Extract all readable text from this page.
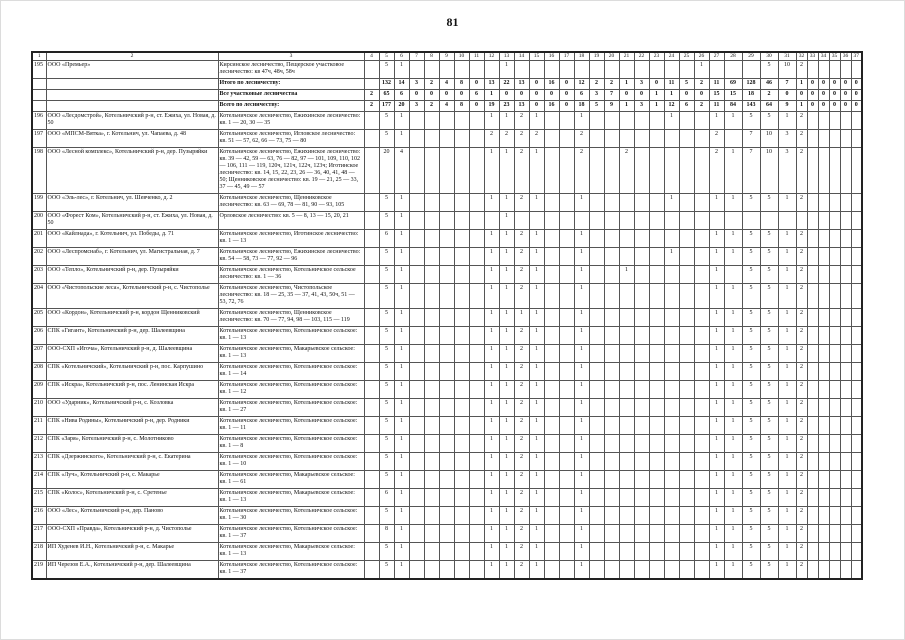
81
1	2	3	4	5	6	7	8	9	10	11	12	13	14	15	16	17	18	19	20	21	22	23	24	25	26	27	28	29	30	31	32	33	34	35	36	37
195	ООО «Премьер»	Кирсинское лесничество, Пещерское участковое лесничество: кв 47ч, 48ч, 58ч		5	1							1													1				5	10	2					
		Итого по лесничеству:		132	14	3	2	4	8	0	13	22	13	0	16	0	12	2	2	1	3	0	11	5	2	11	69	128	46	7	1	0	0	0	0	0
		Все участковые лесничества	2	65	6	0	0	0	0	6	1	0	0	0	0	0	6	3	7	0	0	1	1	0	0	15	15	18	2	0	0	0	0	0	0	0
		Всего по лесничеству:	2	177	20	3	2	4	8	0	19	23	13	0	16	0	18	5	9	1	3	1	12	6	2	11	84	143	64	9	1	0	0	0	0	0
196	ООО «Лесдомстрой», Котельничский р-н, ст. Ежиха, ул. Новая, д. 50	Котельничское лесничество, Ежихинское лесничество: кв. 1 — 20, 30 — 35		5	1						1	1	2	1			1						1			1	1	5	5	1	2					
197	ООО «МПСМ-Вятка», г. Котельнич, ул. Чапаева, д. 48	Котельничское лесничество, Игловское лесничество: кв. 51 — 57, 62, 66 — 73, 75 — 80		5	1						2	2	2	2			2									2		7	10	3	2					
198	ООО «Лесной комплекс», Котельничский р-н, дер. Пузыряйки	Котельничское лесничество, Ежихинское лесничество: кв. 39 — 42, 59 — 63, 76 — 82, 97 — 101, 109, 110, 102 — 106, 111 — 119, 120ч, 121ч, 122ч, 123ч; Иготинское лесничество: кв. 14, 15, 22, 23, 26 — 36, 40, 41, 48 — 50; Щенниковское лесничество: кв. 19 — 21, 25 — 33, 37 — 45, 49 — 57		20	4						1	1	2	1			2			2						2	1	7	10	3	2					
199	ООО «Эль-лес», г. Котельнич, ул. Шевченко, д. 2	Котельничское лесничество, Щенниковское лесничество: кв. 63 — 69, 78 — 81, 90 — 93, 105		5	1						1	1	2	1			1						1			1	1	5	5	1	2					
200	ООО «Форест Ком», Котельничский р-н, ст. Ежиха, ул. Новая, д. 50	Орловское лесничество: кв. 5 — 8, 13 — 15, 20, 21		5	1							1																								
201	ООО «Кайлнада», г. Котельнич, ул. Победы, д. 71	Котельничское лесничество, Иготинское лесничество: кв. 1 — 13		6	1						1	1	2	1			1									1	1	5	5	1	2					
202	ООО «Леспромснаб», г. Котельнич, ул. Магистральная, д. 7	Котельничское лесничество, Ежихинское лесничество: кв. 54 — 58, 73 — 77, 92 — 96		5	1						1	1	2	1			1						1			1	1	5	5	1	2					
203	ООО «Тепло», Котельничский р-н, дер. Пузыряйки	Котельничское лесничество, Котельничское сельское лесничество: кв. 1 — 36		5	1						1	1	2	1			1			1						1		5	5	1	2					
204	ООО «Чистопольские леса», Котельничский р-н, с. Чистополье	Котельничское лесничество, Чистопольское лесничество: кв. 18 — 25, 35 — 37, 41, 43, 50ч, 51 — 53, 72, 76		5	1						1	1	2	1			1									1	1	5	5	1	2					
205	ООО «Кордон», Котельничский р-н, кордон Щенниковский	Котельничское лесничество, Щенниковское лесничество: кв. 70 — 77, 94, 98 — 103, 115 — 119		5	1						1	1	1	1			1									1	1	5	5	1	2					
206	СПК «Гигант», Котельничский р-н, дер. Шалеевщина	Котельничское лесничество, Котельничское сельское: кв. 1 — 13		5	1						1	1	2	1			1									1	1	5	5	1	2					
207	ООО-СХП «Игоча», Котельничский р-н, д. Шалеевщина	Котельничское лесничество, Макарьевское сельское: кв. 1 — 13		5	1						1	1	2	1			1									1	1	5	5	1	2					
208	СПК «Котельничский», Котельничский р-н, пос. Карпушино	Котельничское лесничество, Котельничское сельское: кв. 1 — 14		5	1						1	1	2	1			1									1	1	5	5	1	2					
209	СПК «Искра», Котельничский р-н, пос. Ленинская Искра	Котельничское лесничество, Котельничское сельское: кв. 1 — 12		5	1						1	1	2	1			1									1	1	5	5	1	2					
210	ООО «Ударник», Котельничский р-н, с. Козловка	Котельничское лесничество, Котельничское сельское: кв. 1 — 27		5	1						1	1	2	1			1									1	1	5	5	1	2					
211	СПК «Нива Родины», Котельничский р-н, дер. Родники	Котельничское лесничество, Котельничское сельское: кв. 1 — 11		5	1						1	1	2	1			1									1	1	5	5	1	2					
212	СПК «Заря», Котельничский р-н, с. Молотниково	Котельничское лесничество, Котельничское сельское: кв. 1 — 8		5	1						1	1	2	1			1									1	1	5	5	1	2					
213	СПК «Дзержинского», Котельничский р-н, с. Екатерина	Котельничское лесничество, Котельничское сельское: кв. 1 — 10		5	1						1	1	2	1			1									1	1	5	5	1	2					
214	СПК «Луч», Котельничский р-н, с. Макарье	Котельничское лесничество, Макарьевское сельское: кв. 1 — 61		5	1						1	1	2	1			1									1	1	5	5	1	2					
215	СПК «Колос», Котельничский р-н, с. Сретенье	Котельничское лесничество, Макарьевское сельское: кв. 1 — 13		6	1						1	1	2	1			1									1	1	5	5	1	2					
216	ООО «Лес», Котельничский р-н, дер. Паново	Котельничское лесничество, Котельничское сельское: кв. 1 — 30		5	1						1	1	2	1			1									1	1	5	5	1	2					
217	ООО-СХП «Правда», Котельничский р-н, д. Чистополье	Котельничское лесничество, Котельничское сельское: кв. 1 — 37		8	1						1	1	2	1			1									1	1	5	5	1	2					
218	ИП Худенев И.Н., Котельничский р-н, с. Макарье	Котельничское лесничество, Макарьевское сельское: кв. 1 — 13		5	1						1	1	2	1			1									1	1	5	5	1	2					
219	ИП Черезов Е.А., Котельничский р-н, дер. Шалеевщина	Котельничское лесничество, Котельничское сельское: кв. 1 — 37		5	1						1	1	2	1			1									1	1	5	5	1	2					
